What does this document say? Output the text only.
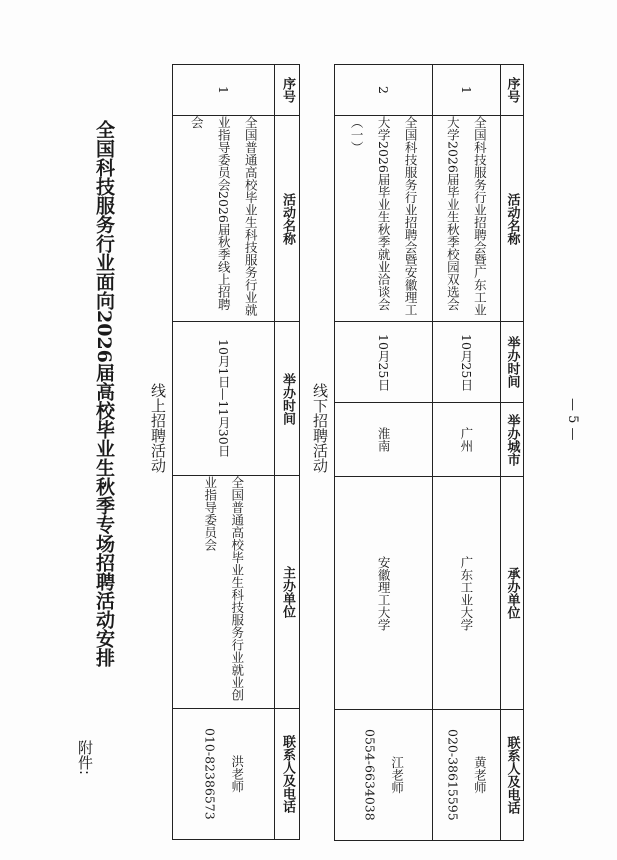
附件:
全国科技服务行业面向2026届高校毕业生秋季专场招聘活动安排 线上招聘活动
序号	活动名称	举办时间	主办单位	联系人及电话
1	全国普通高校毕业生科技服务行业就业指导委员会2026届秋季线上招聘会	10月1日—11月30日	全国普通高校毕业生科技服务行业就业创业指导委员会	洪老师
010-82386573
线下招聘活动
序号	活动名称	举办时间	举办城市	承办单位	联系人及电话
1	全国科技服务行业招聘会暨广东工业大学2026届毕业生秋季校园双选会	10月25日	广州	广东工业大学	黄老师
020-38615595

2	全国科技服务行业招聘会暨安徽理工大学2026届毕业生秋季就业洽谈会（一）	10月25日	淮南	安徽理工大学	江老师
0554-6634038
— 5 —
